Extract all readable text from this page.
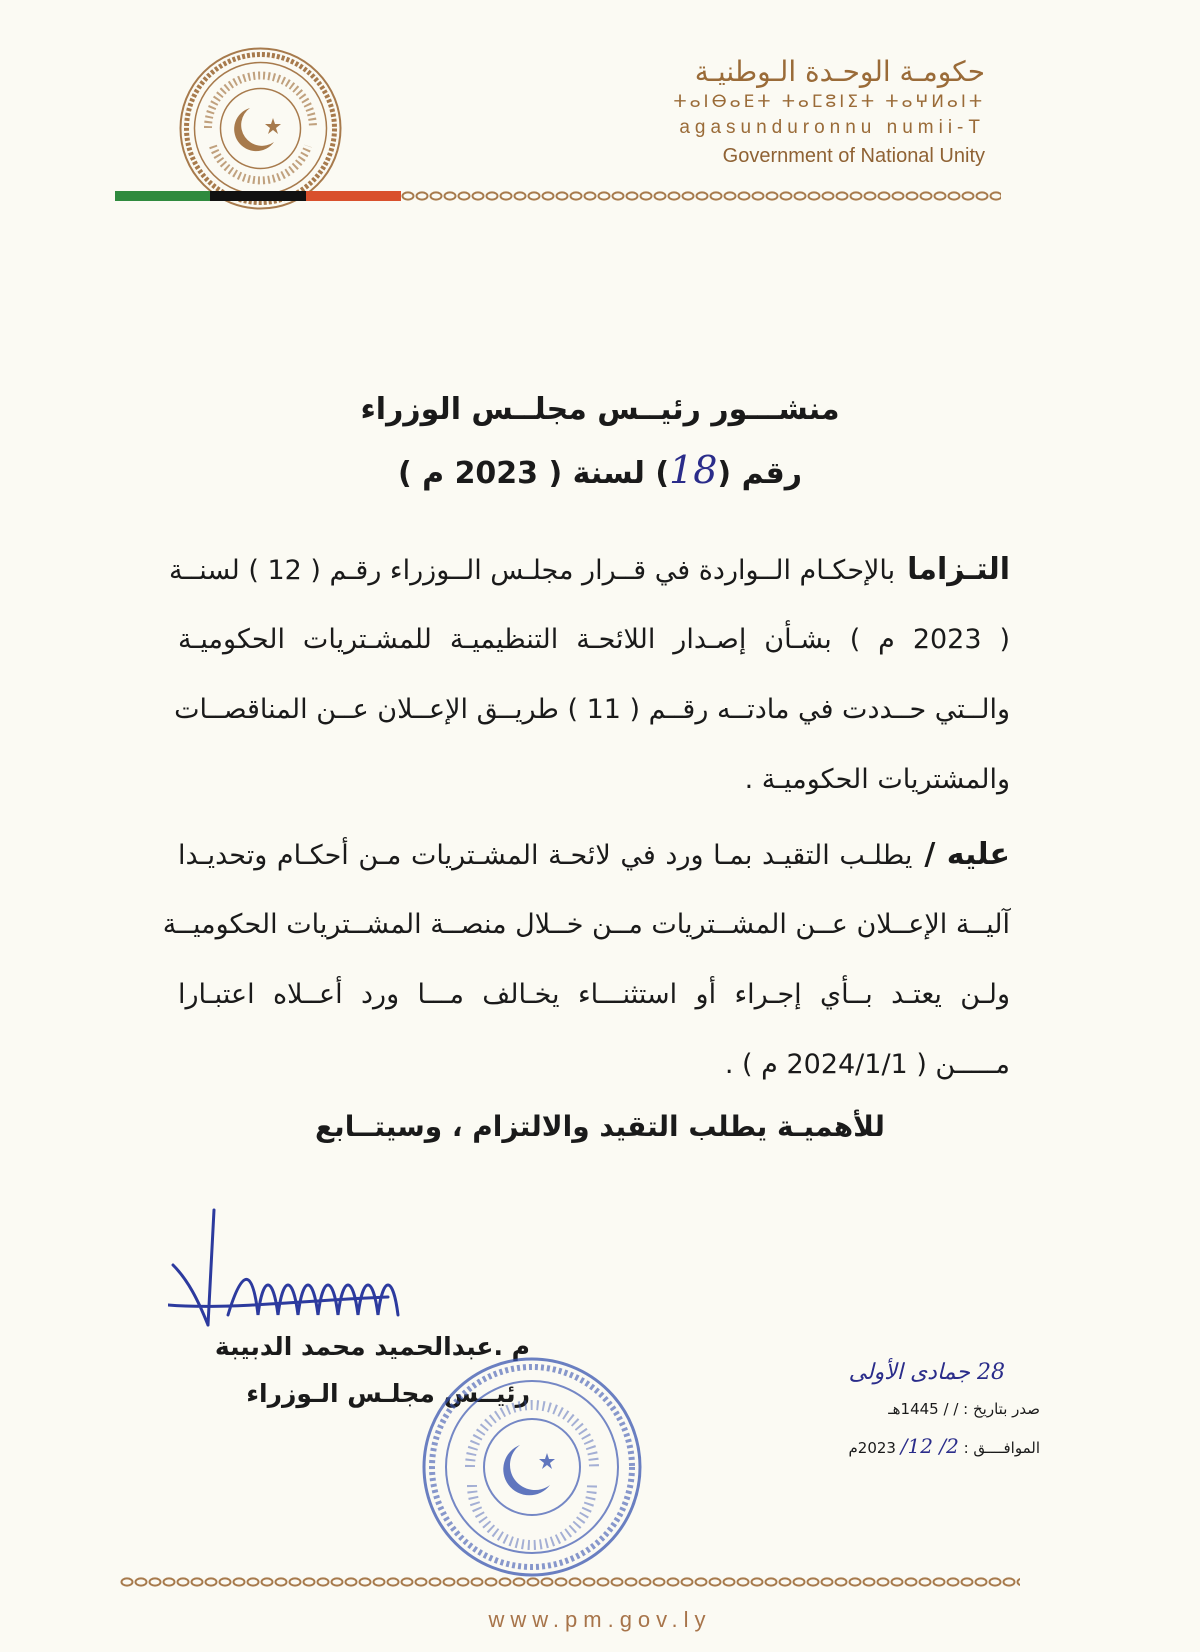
حكومـة الوحـدة الـوطنيـة
ⵜⴰⵏⴱⴰⴹⵜ ⵜⴰⵎⵓⵏⵉⵜ ⵜⴰⵖⵍⴰⵏⵜ
agasunduronnu numii-T
Government of National Unity
منشـــور رئيــس مجلــس الوزراء
رقم (18) لسنة ( 2023 م )
التـزامابالإحكـام الــواردة في قــرار مجلـس الــوزراء رقـم ( 12 ) لسنــة
( 2023 م ) بشـأن إصـدار اللائحـة التنظيميـة للمشـتريات الحكوميـة
والــتي حــددت في مادتــه رقــم ( 11 ) طريــق الإعــلان عــن المناقصــات
والمشتريات الحكوميـة .
عليه /يطلـب التقيـد بمـا ورد في لائحـة المشـتريات مـن أحكـام وتحديـدا
آليــة الإعــلان عــن المشــتريات مــن خــلال منصــة المشــتريات الحكوميــة
ولـن يعتـد بــأي إجـراء أو استثنـــاء يخـالف مـــا ورد أعــلاه اعتبـارا
مـــــن ( 2024/1/1 م ) .
للأهميـة يطلب التقيد والالتزام ، وسيتــابع
م .عبدالحميد محمد الدبيبة
رئيــس مجلـس الـوزراء
28 جمادى الأولى
صدر بتاريخ : / / 1445هـ
الموافــــق : 2/ 12/ 2023م
www.pm.gov.ly
